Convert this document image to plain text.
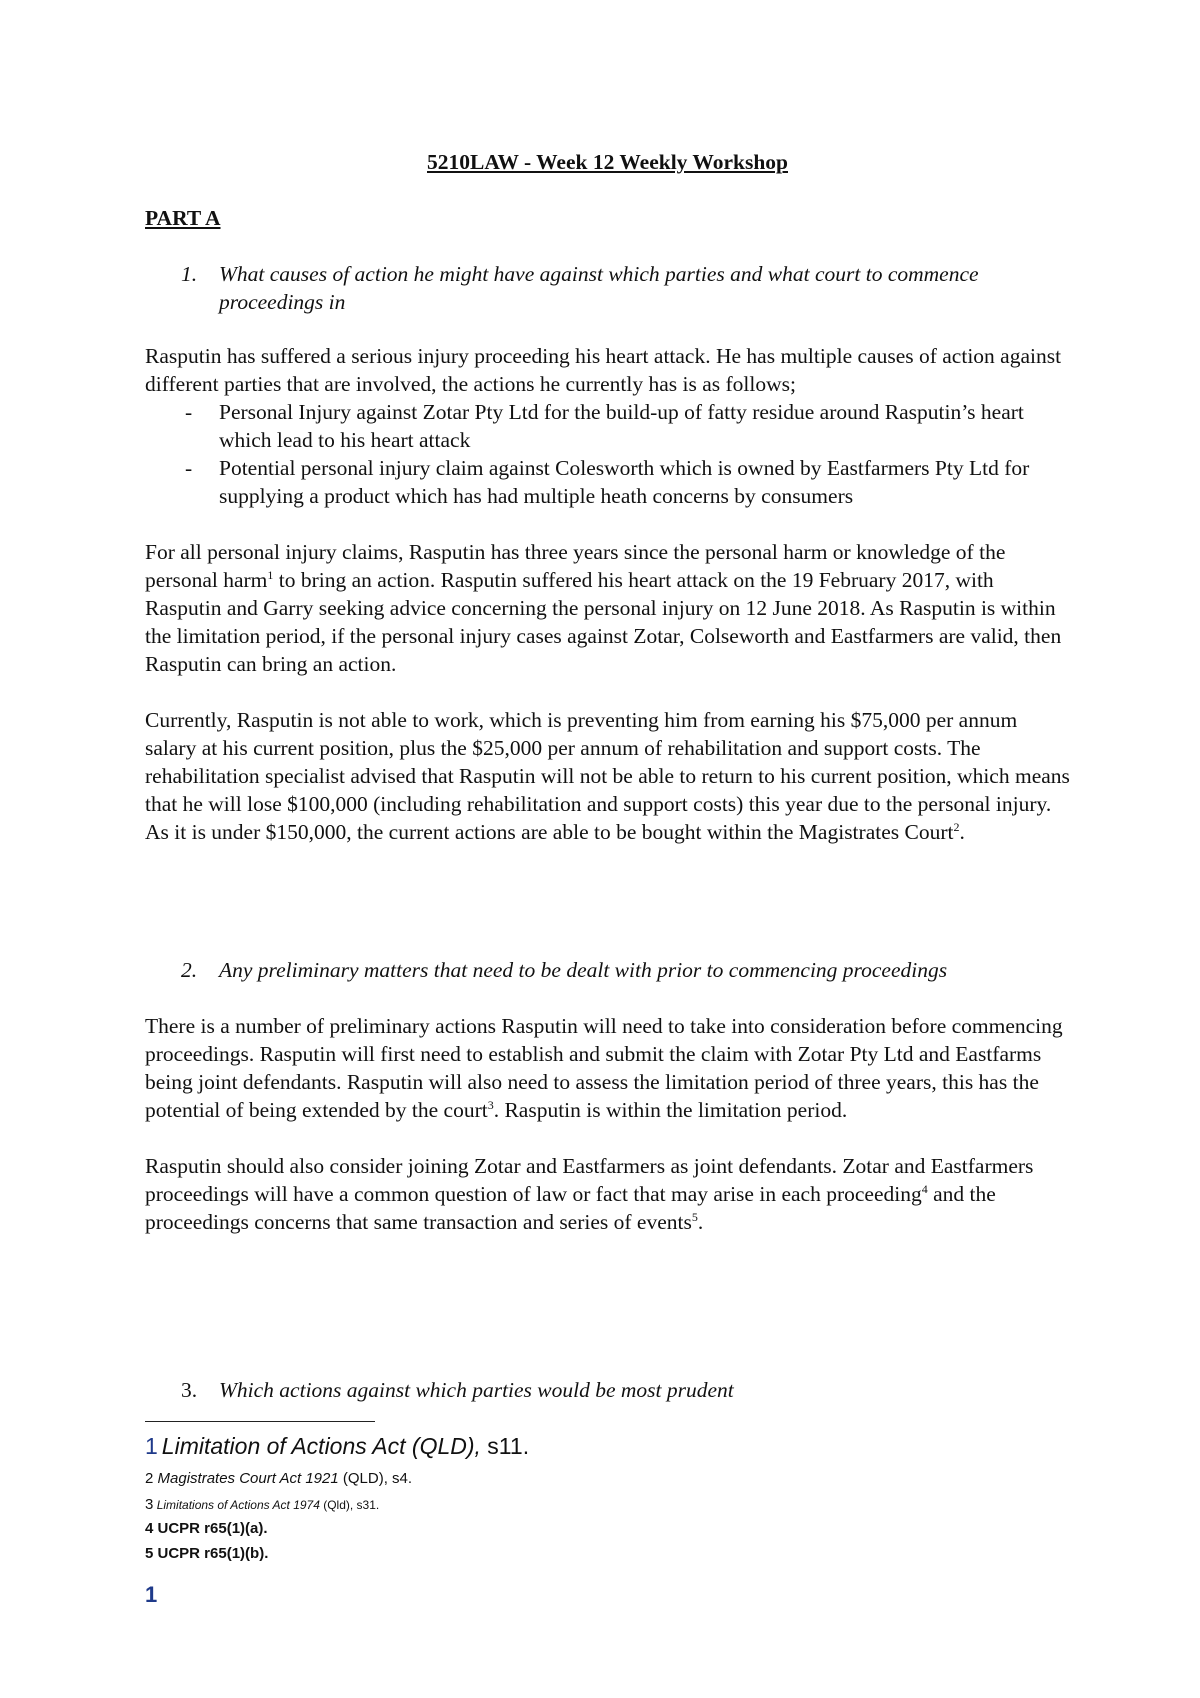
5210LAW - Week 12 Weekly Workshop
PART A
1. What causes of action he might have against which parties and what court to commence proceedings in

Rasputin has suffered a serious injury proceeding his heart attack. He has multiple causes of action against different parties that are involved, the actions he currently has is as follows;

- Personal Injury against Zotar Pty Ltd for the build-up of fatty residue around Rasputin’s heart which lead to his heart attack
- Potential personal injury claim against Colesworth which is owned by Eastfarmers Pty Ltd for supplying a product which has had multiple heath concerns by consumers

For all personal injury claims, Rasputin has three years since the personal harm or knowledge of the personal harm$^1$ to bring an action. Rasputin suffered his heart attack on the 19 February 2017, with Rasputin and Garry seeking advice concerning the personal injury on 12 June 2018. As Rasputin is within the limitation period, if the personal injury cases against Zotar, Colseworth and Eastfarmers are valid, then Rasputin can bring an action.

Currently, Rasputin is not able to work, which is preventing him from earning his $75,000 per annum salary at his current position, plus the $25,000 per annum of rehabilitation and support costs. The rehabilitation specialist advised that Rasputin will not be able to return to his current position, which means that he will lose $100,000 (including rehabilitation and support costs) this year due to the personal injury. As it is under $150,000, the current actions are able to be bought within the Magistrates Court$^2$.

2. Any preliminary matters that need to be dealt with prior to commencing proceedings

There is a number of preliminary actions Rasputin will need to take into consideration before commencing proceedings. Rasputin will first need to establish and submit the claim with Zotar Pty Ltd and Eastfarms being joint defendants. Rasputin will also need to assess the limitation period of three years, this has the potential of being extended by the court$^3$. Rasputin is within the limitation period.

Rasputin should also consider joining Zotar and Eastfarmers as joint defendants. Zotar and Eastfarmers proceedings will have a common question of law or fact that may arise in each proceeding$^4$ and the proceedings concerns that same transaction and series of events$^5$.

3. Which actions against which parties would be most prudent
1 Limitation of Actions Act (QLD), s11.
2 Magistrates Court Act 1921 (QLD), s4.
3 Limitations of Actions Act 1974 (Qld), s31.
4 UCPR r65(1)(a).
5 UCPR r65(1)(b).
1
